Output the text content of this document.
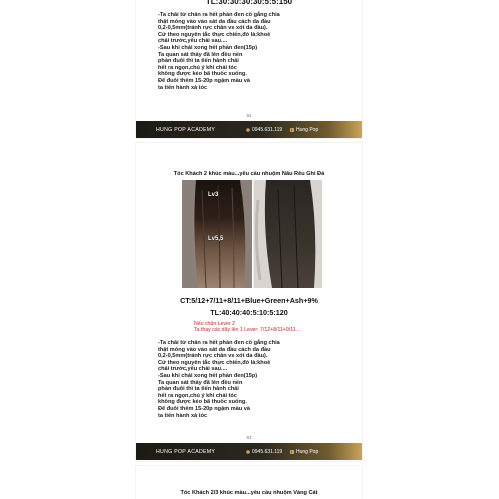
TL:30:30:30:30:5:5:150

-Ta chải từ chân ra hết phần đen cố gắng chia
thật mỏng vào vào sát da đầu cách da đầu
0,2-0,5mm(tránh rực chân vs xót da đầu).
Cứ theo nguyên tắc thực chiến,đó là:khoẻ
chải trước,yếu chải sau....
-Sau khi chải xong hết phần đen(15p)
Ta quan sát thấy đã lên đều nền
phần đuôi thì ta tiến hành chải
hết ra ngọn,chú ý khi chải tóc
không được kéo bã thuốc xuống.
Để đuôi thêm 15-20p ngậm màu và
ta tiến hành xả tóc

92
HUNG POP ACADEMY	0945.631.119 f Hung Pop
Tóc Khách 2 khúc màu...yêu cầu nhuộm Nâu Rêu Ghi Đá
Lv3
Lv5,5
CT:5/12+7/11+8/11+Blue+Green+Ash+9%
TL:40:40:40:5:10:5:120

Nếu chân Lever 2
Ta thay các dây lên 1 Lever: 7/12+8/11+9/11...

-Ta chải từ chân ra hết phần đen cố gắng chia
thật mỏng vào vào sát da đầu cách da đầu
0,2-0,5mm(tránh rực chân vs xót da đầu).
Cứ theo nguyên tắc thực chiến,đó là:khoẻ
chải trước,yếu chải sau....
-Sau khi chải xong hết phần đen(15p)
Ta quan sát thấy đã lên đều nền
phần đuôi thì ta tiến hành chải
hết ra ngọn,chú ý khi chải tóc
không được kéo bã thuốc xuống.
Để đuôi thêm 15-20p ngậm màu và
ta tiến hành xả tóc

93
HUNG POP ACADEMY	0945.631.119 f Hung Pop
Tóc Khách 2/3 khúc màu...yêu cầu nhuộm Vàng Cát
